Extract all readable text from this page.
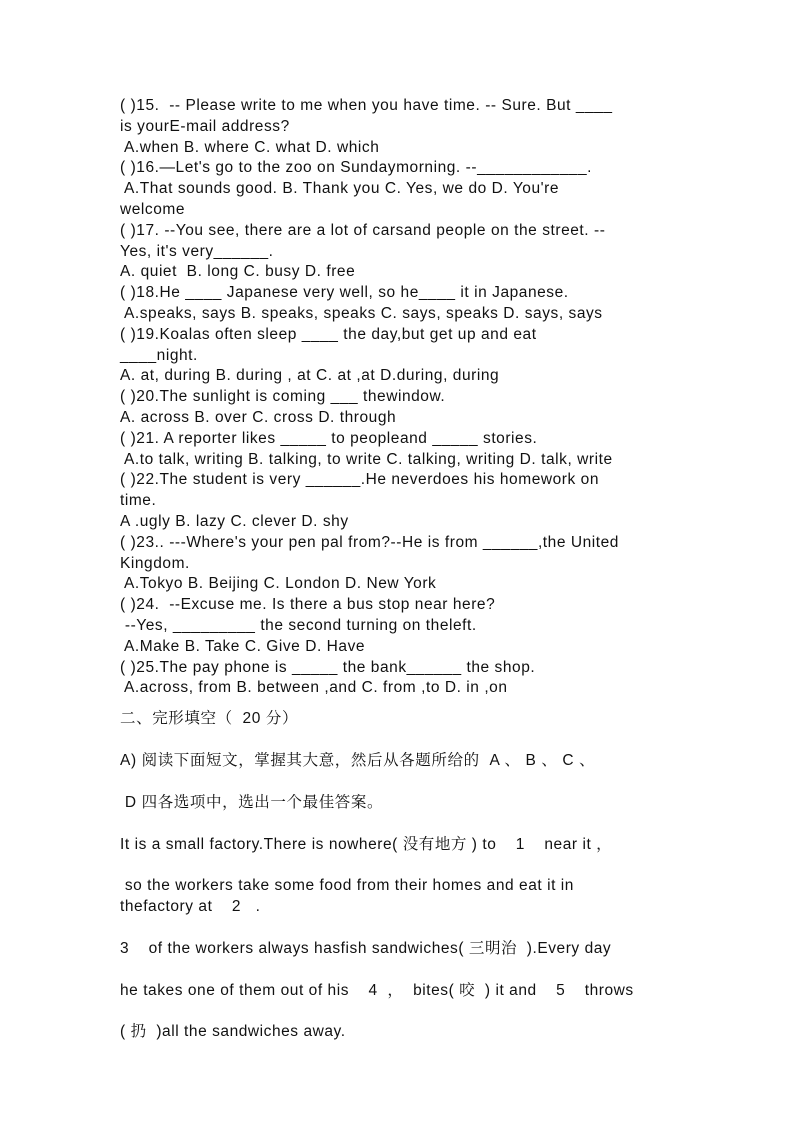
( )15.  -- Please write to me when you have time. -- Sure. But ____
is yourE-mail address?
A.when B. where C. what D. which
( )16.—Let's go to the zoo on Sundaymorning. --____________.
A.That sounds good. B. Thank you C. Yes, we do D. You're
welcome
( )17. --You see, there are a lot of carsand people on the street. --
Yes, it's very______.
A. quiet  B. long C. busy D. free
( )18.He ____ Japanese very well, so he____ it in Japanese.
A.speaks, says B. speaks, speaks C. says, speaks D. says, says
( )19.Koalas often sleep ____ the day,but get up and eat
____night.
A. at, during B. during , at C. at ,at D.during, during
( )20.The sunlight is coming ___ thewindow.
A. across B. over C. cross D. through
( )21. A reporter likes _____ to peopleand _____ stories.
A.to talk, writing B. talking, to write C. talking, writing D. talk, write
( )22.The student is very ______.He neverdoes his homework on
time.
A .ugly B. lazy C. clever D. shy
( )23.. ---Where's your pen pal from?--He is from ______,the United
Kingdom.
A.Tokyo B. Beijing C. London D. New York
( )24.  --Excuse me. Is there a bus stop near here?
--Yes, _________ the second turning on theleft.
A.Make B. Take C. Give D. Have
( )25.The pay phone is _____ the bank______ the shop.
A.across, from B. between ,and C. from ,to D. in ,on
二、完形填空（  20 分）
A) 阅读下面短文，掌握其大意，然后从各题所给的  A 、 B 、 C 、
D 四各选项中，选出一个最佳答案。
It is a small factory.There is nowhere( 没有地方 ) to    1    near it ，
so the workers take some food from their homes and eat it in
thefactory at    2   .
3    of the workers always hasfish sandwiches( 三明治  ).Every day
he takes one of them out of his    4  ，  bites( 咬  ) it and    5    throws
( 扔  )all the sandwiches away.
